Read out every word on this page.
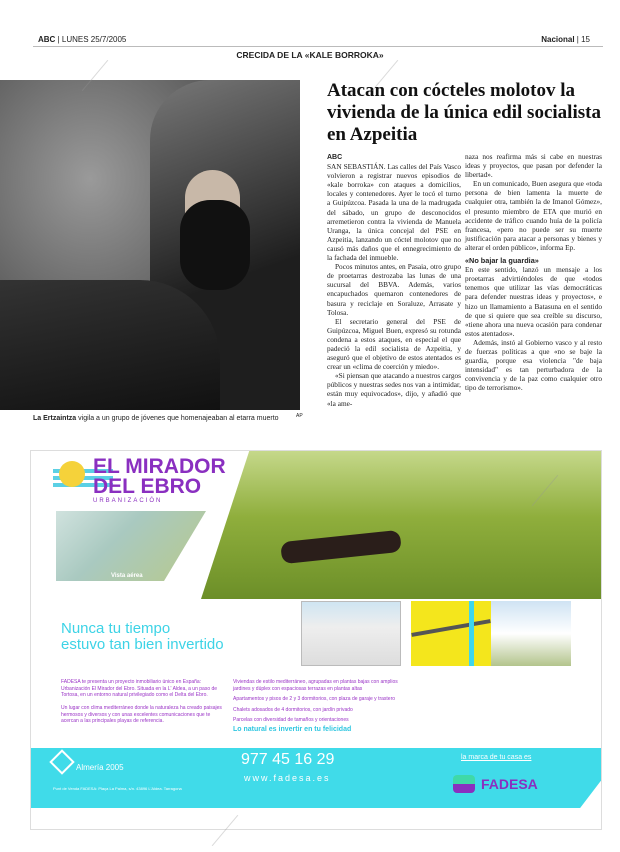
ABC | LUNES 25/7/2005	Nacional | 15
CRECIDA DE LA «KALE BORROKA»
La Ertzaintza vigila a un grupo de jóvenes que homenajeaban al etarra muerto	AP
Atacan con cócteles molotov la vivienda de la única edil socialista en Azpeitia
ABC

SAN SEBASTIÁN. Las calles del País Vasco volvieron a registrar nuevos episodios de «kale borroka» con ataques a domicilios, locales y contenedores. Ayer le tocó el turno a Guipúzcoa. Pasada la una de la madrugada del sábado, un grupo de desconocidos arremetieron contra la vivienda de Manuela Uranga, la única concejal del PSE en Azpeitia, lanzando un cóctel molotov que no causó más daños que el ennegrecimiento de la fachada del inmueble.

Pocos minutos antes, en Pasaia, otro grupo de proetarras destrozaba las lunas de una sucursal del BBVA. Además, varios encapuchados quemaron contenedores de basura y reciclaje en Soraluze, Arrasate y Tolosa.

El secretario general del PSE de Guipúzcoa, Miguel Buen, expresó su rotunda condena a estos ataques, en especial el que padeció la edil socialista de Azpeitia, y aseguró que el objetivo de estos atentados es crear un «clima de coerción y miedo».

«Si piensan que atacando a nuestros cargos públicos y nuestras sedes nos van a intimidar, están muy equivocados», dijo, y añadió que «la ame-

naza nos reafirma más si cabe en nuestras ideas y proyectos, que pasan por defender la libertad».

En un comunicado, Buen asegura que «toda persona de bien lamenta la muerte de cualquier otra, también la de Imanol Gómez», el presunto miembro de ETA que murió en accidente de tráfico cuando huía de la policía francesa, «pero no puede ser su muerte justificación para atacar a personas y bienes y alterar el orden público», informa Ep.

«No bajar la guardia»

En este sentido, lanzó un mensaje a los proetarras advirtiéndoles de que «todos tenemos que utilizar las vías democráticas para defender nuestras ideas y proyectos», e hizo un llamamiento a Batasuna en el sentido de que si quiere que sea creíble su discurso, «tiene ahora una nueva ocasión para condenar estos atentados».

Además, instó al Gobierno vasco y al resto de fuerzas políticas a que «no se baje la guardia, porque esa violencia "de baja intensidad" es tan perturbadora de la convivencia y de la paz como cualquier otro tipo de terrorismo».

EL MIRADOR
DEL EBRO
URBANIZACIÓN
Vista aérea
Nunca tu tiempo
estuvo tan bien invertido

FADESA te presenta un proyecto inmobiliario único en España: Urbanización El Mirador del Ebro. Situada en la L' Aldea, a un paso de Tortosa, en un entorno natural privilegiado como el Delta del Ebro.

Un lugar con clima mediterráneo donde la naturaleza ha creado paisajes hermosos y diversos y con unas excelentes comunicaciones que te acercan a las principales playas de referencia.

Viviendas de estilo mediterráneo, agrupadas en plantas bajas con amplios jardines y dúplex con espaciosas terrazas en plantas altas

Apartamentos y pisos de 2 y 3 dormitorios, con plaza de garaje y trastero

Chalets adosados de 4 dormitorios, con jardín privado

Parcelas con diversidad de tamaños y orientaciones

Lo natural es invertir en tu felicidad

Almería 2005
Punt de Venda FADESA: Plaça La Palma, s/n. 43896 L'Aldea. Tarragona
977 45 16 29
www.fadesa.es
la marca de tu casa es
FADESA
